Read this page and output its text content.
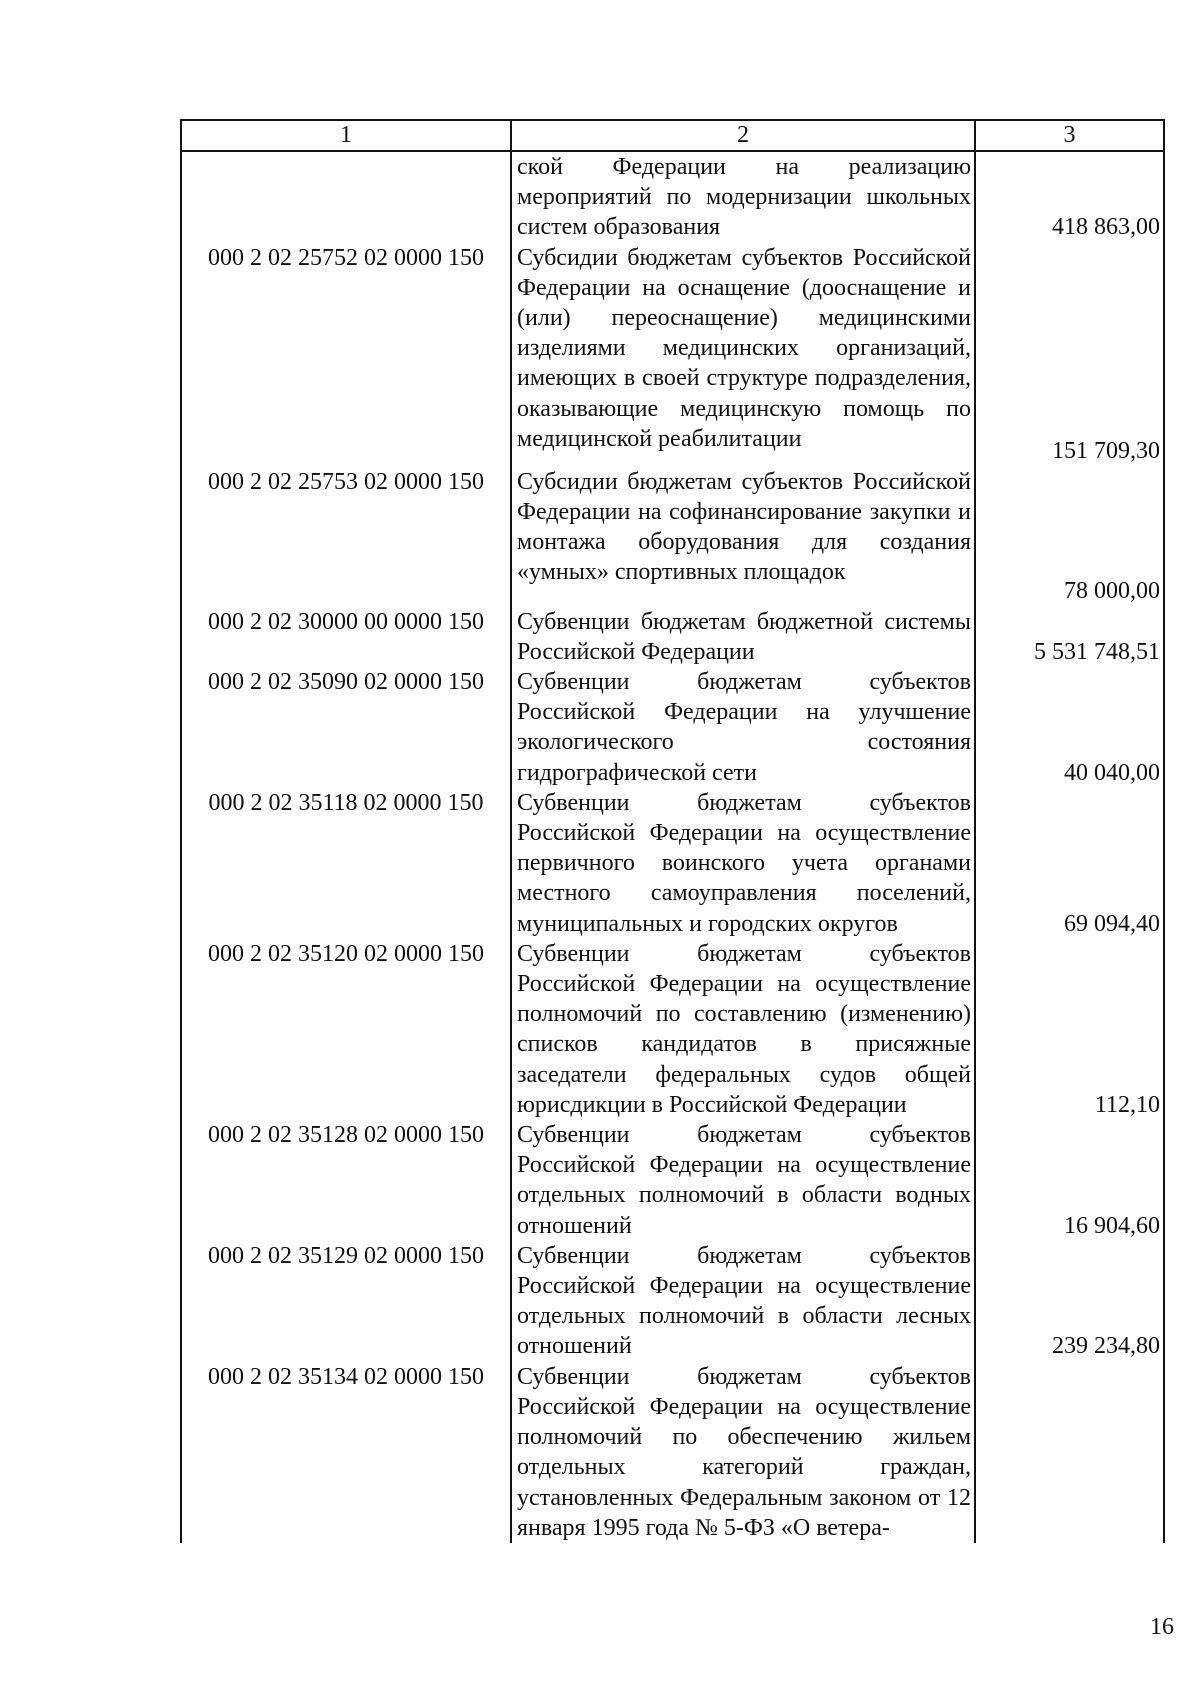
1	2	3
	ской Федерации на реализацию мероприятий по модернизации школьных систем образования	418 863,00
000 2 02 25752 02 0000 150	Субсидии бюджетам субъектов Российской Федерации на оснащение (дооснащение и (или) переоснащение) медицинскими изделиями медицинских организаций, имеющих в своей структуре подразделения, оказывающие медицинскую помощь по медицинской реабилитации	151 709,30
000 2 02 25753 02 0000 150	Субсидии бюджетам субъектов Российской Федерации на софинансирование закупки и монтажа оборудования для создания «умных» спортивных площадок	78 000,00
000 2 02 30000 00 0000 150	Субвенции бюджетам бюджетной системы Российской Федерации	5 531 748,51
000 2 02 35090 02 0000 150	Субвенции бюджетам субъектов Российской Федерации на улучшение экологического состояния гидрографической сети	40 040,00
000 2 02 35118 02 0000 150	Субвенции бюджетам субъектов Российской Федерации на осуществление первичного воинского учета органами местного самоуправления поселений, муниципальных и городских округов	69 094,40
000 2 02 35120 02 0000 150	Субвенции бюджетам субъектов Российской Федерации на осуществление полномочий по составлению (изменению) списков кандидатов в присяжные заседатели федеральных судов общей юрисдикции в Российской Федерации	112,10
000 2 02 35128 02 0000 150	Субвенции бюджетам субъектов Российской Федерации на осуществление отдельных полномочий в области водных отношений	16 904,60
000 2 02 35129 02 0000 150	Субвенции бюджетам субъектов Российской Федерации на осуществление отдельных полномочий в области лесных отношений	239 234,80
000 2 02 35134 02 0000 150	Субвенции бюджетам субъектов Российской Федерации на осуществление полномочий по обеспечению жильем отдельных категорий граждан, установленных Федеральным законом от 12 января 1995 года № 5-ФЗ «О ветера-	
16
